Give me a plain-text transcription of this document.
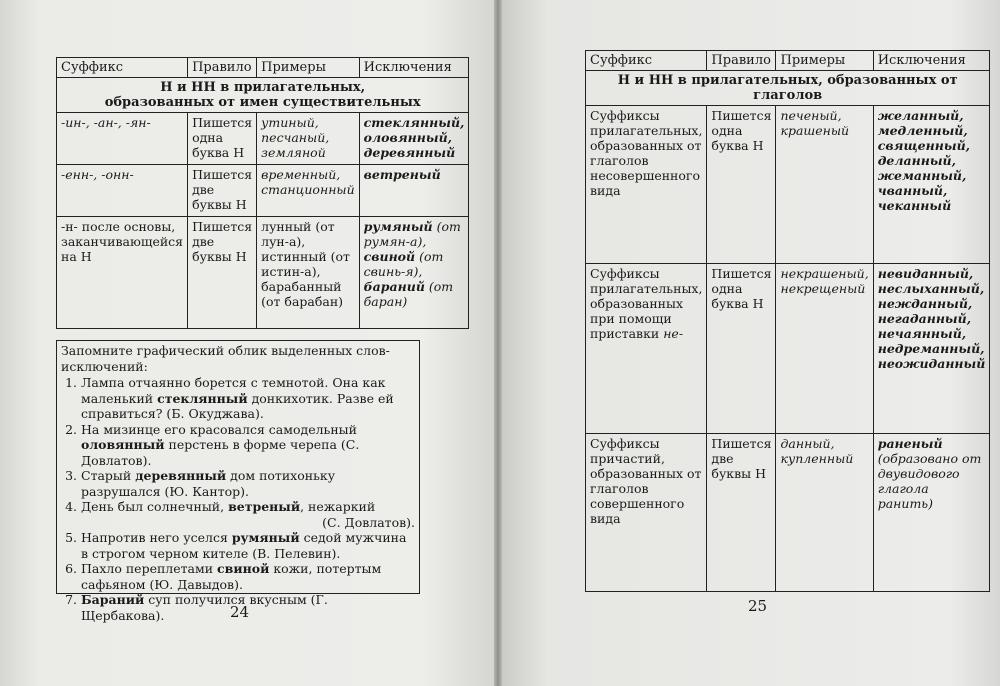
Суффикс	Правило	Примеры	Исключения
Н и НН в прилагательных,
образованных от имен существительных			
-ин-, -ан-, -ян-	Пишется одна буква Н	утиный, песчаный, земляной	стеклянный, оловянный, деревянный
-енн-, -онн-	Пишется две буквы Н	временный, станционный	ветреный
-н- после основы, заканчивающейся на Н	Пишется две буквы Н	лунный (от лун-а), истинный (от истин-а), барабанный (от барабан)	румяный (от румян-а), свиной (от свинь-я), бараний (от баран)

Запомните графический облик выделенных слов-исключений:

1. Лампа отчаянно борется с темнотой. Она как маленький стеклянный донкихотик. Разве ей справиться? (Б. Окуджава).
2. На мизинце его красовался самодельный оловянный перстень в форме черепа (С. Довлатов).
3. Старый деревянный дом потихоньку разрушался (Ю. Кантор).
4. День был солнечный, ветреный, нежаркий
(С. Довлатов).
5. Напротив него уселся румяный седой мужчина в строгом черном кителе (В. Пелевин).
6. Пахло переплетами свиной кожи, потертым сафьяном (Ю. Давыдов).
7. Бараний суп получился вкусным (Г. Щербакова).	24
Суффикс	Правило	Примеры	Исключения
Н и НН в прилагательных, образованных от глаголов			
Суффиксы прилагательных, образованных от глаголов несовершенного вида	Пишется одна буква Н	печеный, крашеный	желанный, медленный, священный, деланный, жеманный, чванный, чеканный
Суффиксы прилагательных, образованных при помощи приставки не-	Пишется одна буква Н	некрашеный, некрещеный	невиданный, неслыханный, нежданный, негаданный, нечаянный, недреманный, неожиданный
Суффиксы причастий, образованных от глаголов совершенного вида	Пишется две буквы Н	данный, купленный	раненый (образовано от двувидового глагола ранить)
25
